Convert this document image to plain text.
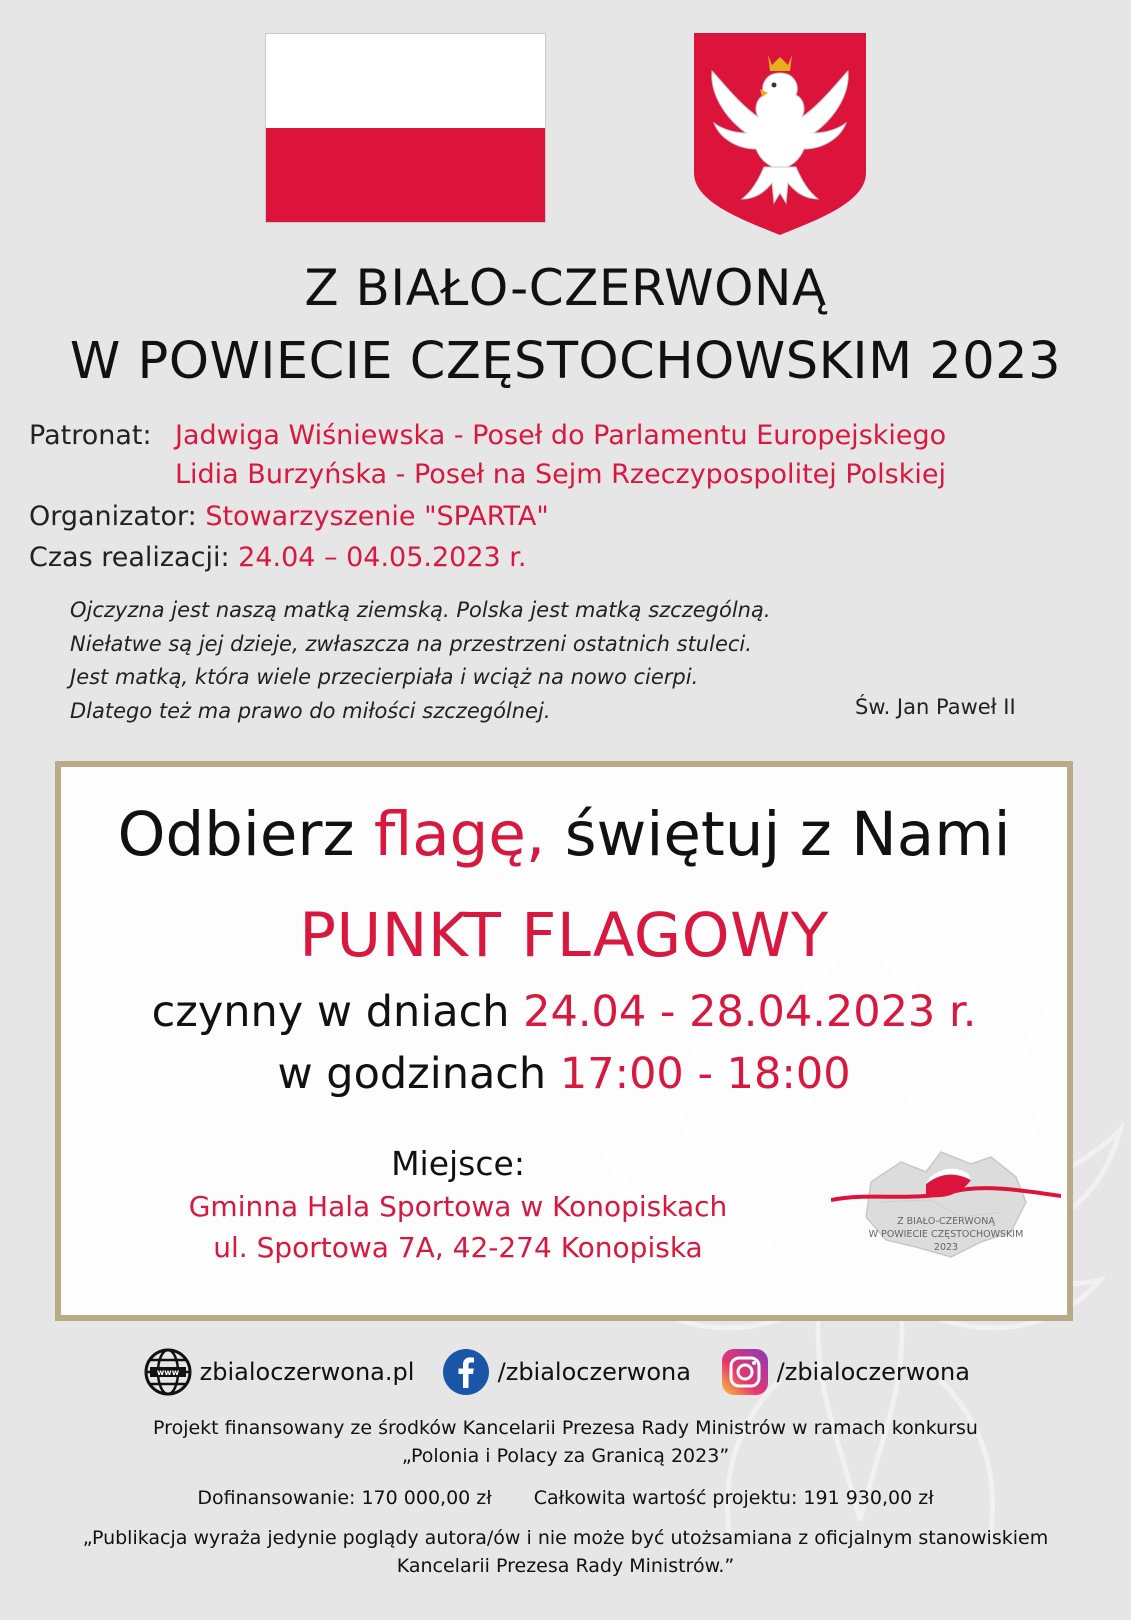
Z BIAŁO-CZERWONĄ
W POWIECIE CZĘSTOCHOWSKIM 2023
Patronat: Jadwiga Wiśniewska - Poseł do Parlamentu Europejskiego
Lidia Burzyńska - Poseł na Sejm Rzeczypospolitej Polskiej
Organizator: Stowarzyszenie "SPARTA"
Czas realizacji: 24.04 – 04.05.2023 r.
Ojczyzna jest naszą matką ziemską. Polska jest matką szczególną.
Niełatwe są jej dzieje, zwłaszcza na przestrzeni ostatnich stuleci.
Jest matką, która wiele przecierpiała i wciąż na nowo cierpi.
Dlatego też ma prawo do miłości szczególnej.	Św. Jan Paweł II
Odbierz flagę, świętuj z Nami
PUNKT FLAGOWY
czynny w dniach 24.04 - 28.04.2023 r.
w godzinach 17:00 - 18:00
Miejsce:
Gminna Hala Sportowa w Konopiskach
ul. Sportowa 7A, 42-274 Konopiska
Z BIAŁO-CZERWONĄ
W POWIECIE CZĘSTOCHOWSKIM
2023
www zbialoczerwona.pl	/zbialoczerwona	/zbialoczerwona
Projekt finansowany ze środków Kancelarii Prezesa Rady Ministrów w ramach konkursu
„Polonia i Polacy za Granicą 2023”
Dofinansowanie: 170 000,00 zł Całkowita wartość projektu: 191 930,00 zł
„Publikacja wyraża jedynie poglądy autora/ów i nie może być utożsamiana z oficjalnym stanowiskiem
Kancelarii Prezesa Rady Ministrów.”
